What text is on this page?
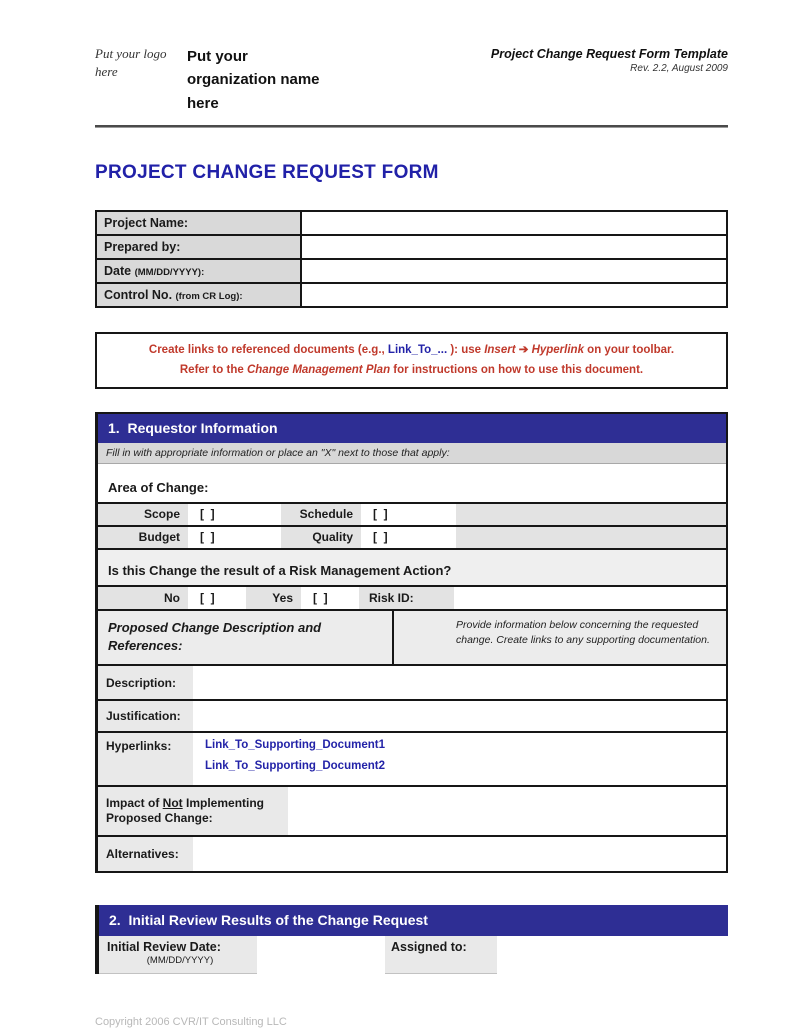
Put your logo here
Put your organization name here
Project Change Request Form Template
Rev. 2.2, August 2009
PROJECT CHANGE REQUEST FORM
Project Name:
Prepared by:
Date (MM/DD/YYYY):
Control No. (from CR Log):
Create links to referenced documents (e.g., Link_To_... ): use Insert ➔ Hyperlink on your toolbar.
Refer to the Change Management Plan for instructions on how to use this document.
1.  Requestor Information
Fill in with appropriate information or place an "X" next to those that apply:
Area of Change:
Scope	[  ]	Schedule	[  ]
Budget	[  ]	Quality	[  ]
Is this Change the result of a Risk Management Action?
No	[  ]	Yes	[  ]	Risk ID:
Proposed Change Description and References:
Provide information below concerning the requested change. Create links to any supporting documentation.
Description:
Justification:
Hyperlinks:	Link_To_Supporting_Document1
Link_To_Supporting_Document2
Impact of Not Implementing
Proposed Change:
Alternatives:
2.  Initial Review Results of the Change Request
Initial Review Date:
(MM/DD/YYYY)
Assigned to:
Copyright 2006 CVR/IT Consulting LLC
